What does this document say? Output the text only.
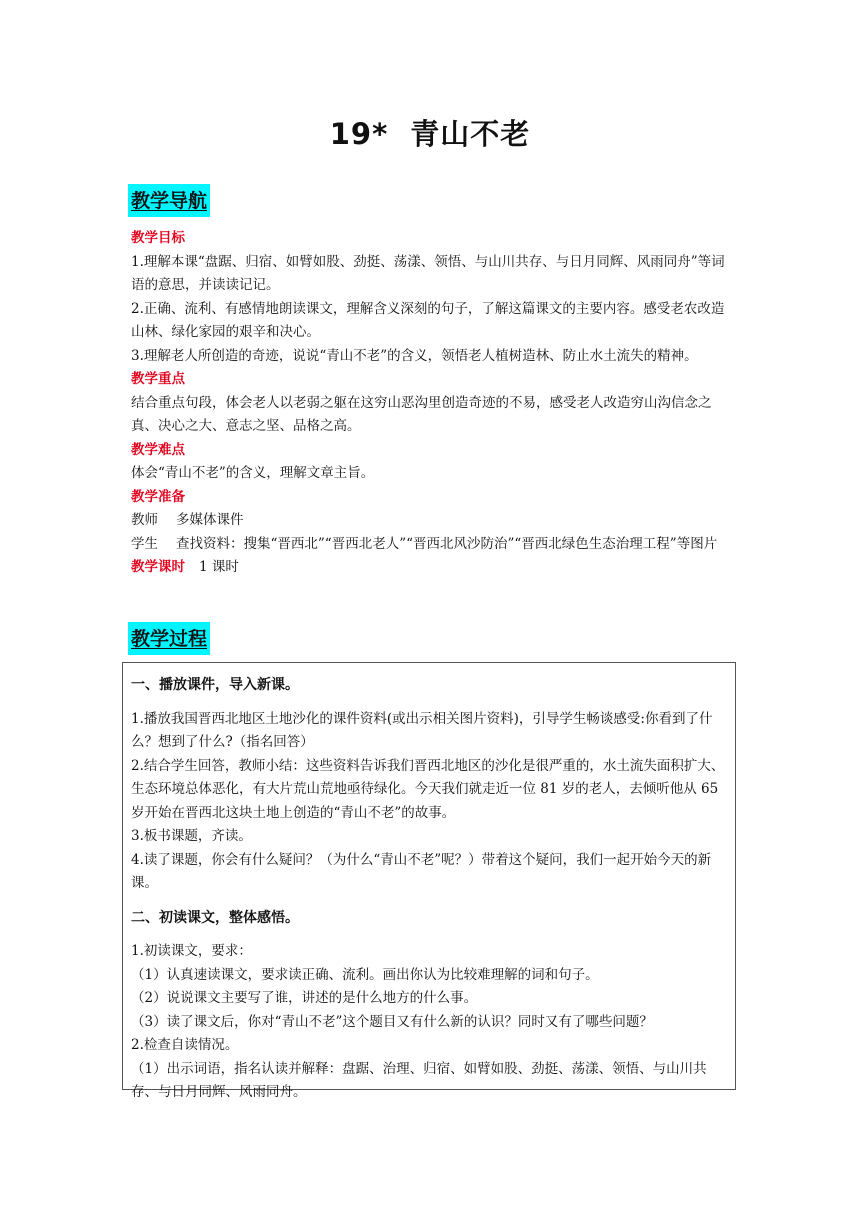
19* 青山不老
教学导航

教学目标

1.理解本课“盘踞、归宿、如臂如股、劲挺、荡漾、领悟、与山川共存、与日月同辉、风雨同舟”等词语的意思，并读读记记。

2.正确、流利、有感情地朗读课文，理解含义深刻的句子，了解这篇课文的主要内容。感受老农改造山林、绿化家园的艰辛和决心。

3.理解老人所创造的奇迹，说说“青山不老”的含义，领悟老人植树造林、防止水土流失的精神。

教学重点

结合重点句段，体会老人以老弱之躯在这穷山恶沟里创造奇迹的不易，感受老人改造穷山沟信念之真、决心之大、意志之坚、品格之高。

教学难点

体会“青山不老”的含义，理解文章主旨。

教学准备

教师	多媒体课件
学生	查找资料：搜集“晋西北”“晋西北老人”“晋西北风沙防治”“晋西北绿色生态治理工程”等图片

教学课时 1 课时

教学过程

一、播放课件，导入新课。

1.播放我国晋西北地区土地沙化的课件资料(或出示相关图片资料)，引导学生畅谈感受:你看到了什么？想到了什么?（指名回答）

2.结合学生回答，教师小结：这些资料告诉我们晋西北地区的沙化是很严重的，水土流失面积扩大、生态环境总体恶化，有大片荒山荒地亟待绿化。今天我们就走近一位 81 岁的老人，去倾听他从 65 岁开始在晋西北这块土地上创造的“青山不老”的故事。

3.板书课题，齐读。

4.读了课题，你会有什么疑问？（为什么“青山不老”呢？）带着这个疑问，我们一起开始今天的新课。

二、初读课文，整体感悟。

1.初读课文，要求：

（1）认真速读课文，要求读正确、流利。画出你认为比较难理解的词和句子。

（2）说说课文主要写了谁，讲述的是什么地方的什么事。

（3）读了课文后，你对“青山不老”这个题目又有什么新的认识？同时又有了哪些问题？

2.检查自读情况。

（1）出示词语，指名认读并解释：盘踞、治理、归宿、如臂如股、劲挺、荡漾、领悟、与山川共存、与日月同辉、风雨同舟。
